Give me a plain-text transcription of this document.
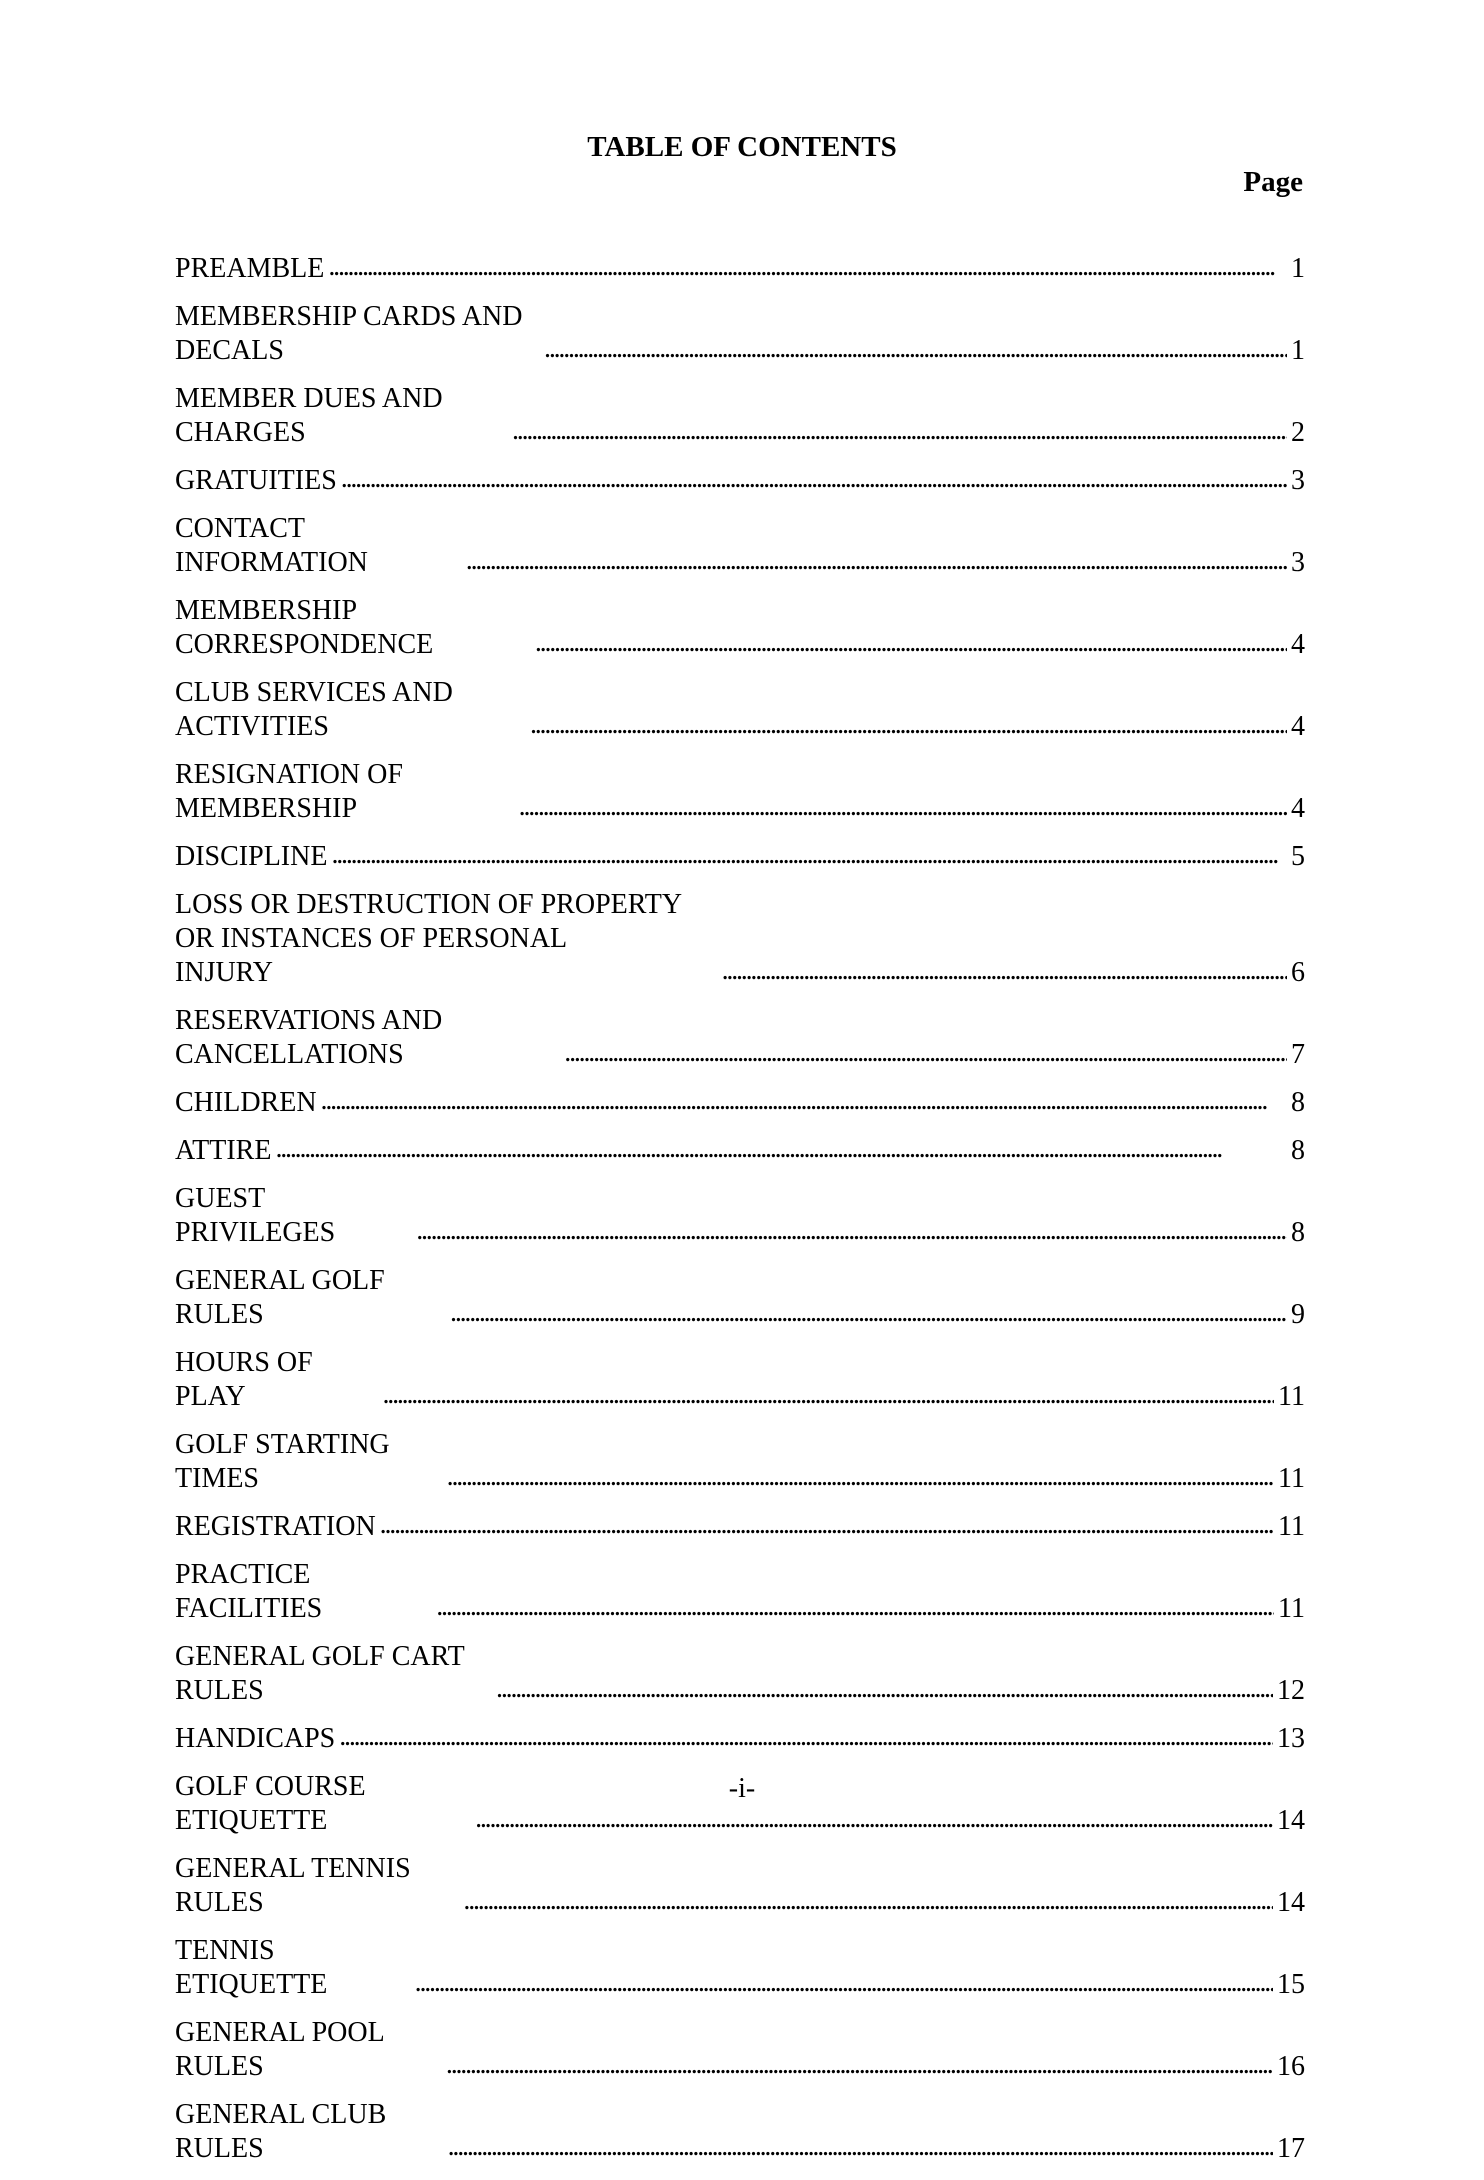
TABLE OF CONTENTS
Page
PREAMBLE . . .	1
MEMBERSHIP CARDS AND DECALS . . .	1
MEMBER DUES AND CHARGES . . .	2
GRATUITIES . . .	3
CONTACT INFORMATION . . .	3
MEMBERSHIP CORRESPONDENCE . . .	4
CLUB SERVICES AND ACTIVITIES . . .	4
RESIGNATION OF MEMBERSHIP . . .	4
DISCIPLINE . . .	5
LOSS OR DESTRUCTION OF PROPERTY OR INSTANCES OF PERSONAL
INJURY . . .	6
RESERVATIONS AND CANCELLATIONS . . .	7
CHILDREN . . .	8
ATTIRE . . .	8
GUEST PRIVILEGES . . .	8
GENERAL GOLF RULES . . .	9
HOURS OF PLAY . . .	11
GOLF STARTING TIMES . . .	11
REGISTRATION . . .	11
PRACTICE FACILITIES . . .	11
GENERAL GOLF CART RULES . . .	12
HANDICAPS . . .	13
GOLF COURSE ETIQUETTE . . .	14
GENERAL TENNIS RULES . . .	14
TENNIS ETIQUETTE . . .	15
GENERAL POOL RULES . . .	16
GENERAL CLUB RULES . . .	17
-i-
